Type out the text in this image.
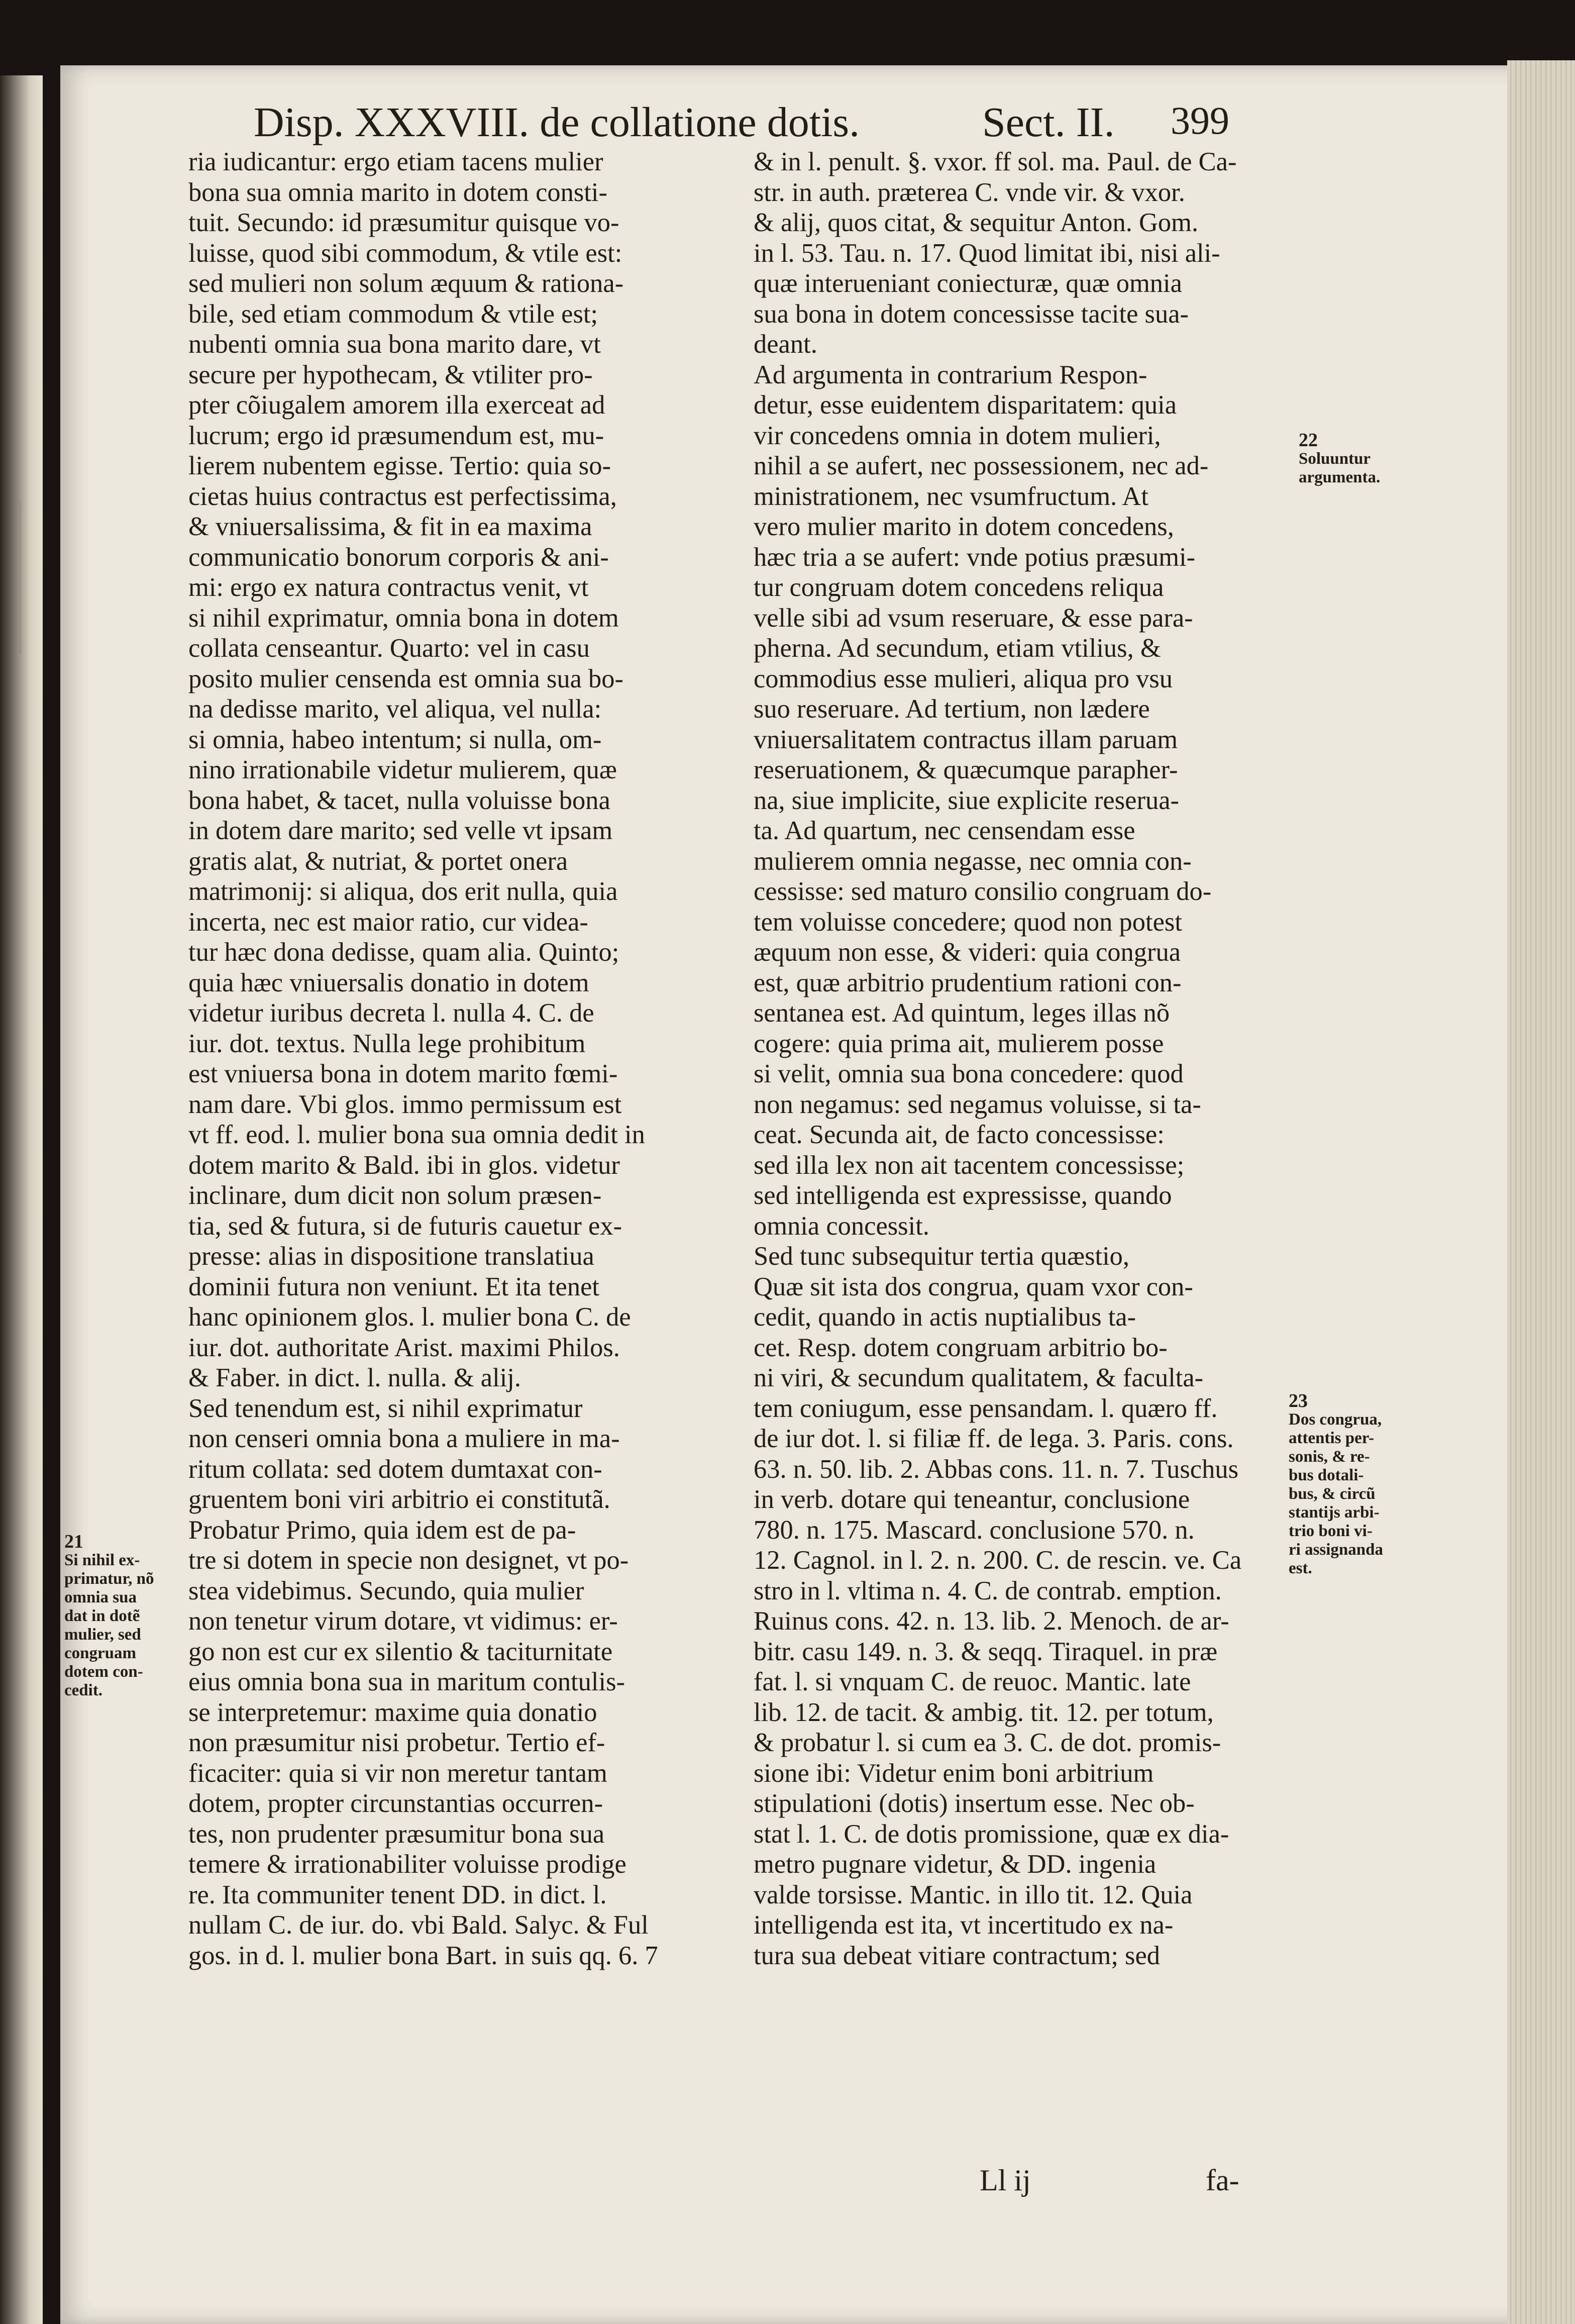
Disp. XXXVIII. de collatione dotis.	Sect. II. 399
ria iudicantur: ergo etiam tacens mulier
bona sua omnia marito in dotem consti-
tuit. Secundo: id præsumitur quisque vo-
luisse, quod sibi commodum, & vtile est:
sed mulieri non solum æquum & rationa-
bile, sed etiam commodum & vtile est;
nubenti omnia sua bona marito dare, vt
secure per hypothecam, & vtiliter pro-
pter cõiugalem amorem illa exerceat ad
lucrum; ergo id præsumendum est, mu-
lierem nubentem egisse. Tertio: quia so-
cietas huius contractus est perfectissima,
& vniuersalissima, & fit in ea maxima
communicatio bonorum corporis & ani-
mi: ergo ex natura contractus venit, vt
si nihil exprimatur, omnia bona in dotem
collata censeantur. Quarto: vel in casu
posito mulier censenda est omnia sua bo-
na dedisse marito, vel aliqua, vel nulla:
si omnia, habeo intentum; si nulla, om-
nino irrationabile videtur mulierem, quæ
bona habet, & tacet, nulla voluisse bona
in dotem dare marito; sed velle vt ipsam
gratis alat, & nutriat, & portet onera
matrimonij: si aliqua, dos erit nulla, quia
incerta, nec est maior ratio, cur videa-
tur hæc dona dedisse, quam alia. Quinto;
quia hæc vniuersalis donatio in dotem
videtur iuribus decreta l. nulla 4. C. de
iur. dot. textus. Nulla lege prohibitum
est vniuersa bona in dotem marito fœmi-
nam dare. Vbi glos. immo permissum est
vt ff. eod. l. mulier bona sua omnia dedit in
dotem marito & Bald. ibi in glos. videtur
inclinare, dum dicit non solum præsen-
tia, sed & futura, si de futuris cauetur ex-
presse: alias in dispositione translatiua
dominii futura non veniunt. Et ita tenet
hanc opinionem glos. l. mulier bona C. de
iur. dot. authoritate Arist. maximi Philos.
& Faber. in dict. l. nulla. & alij.
Sed tenendum est, si nihil exprimatur
non censeri omnia bona a muliere in ma-
ritum collata: sed dotem dumtaxat con-
gruentem boni viri arbitrio ei constitutã.
Probatur Primo, quia idem est de pa-
tre si dotem in specie non designet, vt po-
stea videbimus. Secundo, quia mulier
non tenetur virum dotare, vt vidimus: er-
go non est cur ex silentio & taciturnitate
eius omnia bona sua in maritum contulis-
se interpretemur: maxime quia donatio
non præsumitur nisi probetur. Tertio ef-
ficaciter: quia si vir non meretur tantam
dotem, propter circunstantias occurren-
tes, non prudenter præsumitur bona sua
temere & irrationabiliter voluisse prodige
re. Ita communiter tenent DD. in dict. l.
nullam C. de iur. do. vbi Bald. Salyc. & Ful
gos. in d. l. mulier bona Bart. in suis qq. 6. 7
& in l. penult. §. vxor. ff sol. ma. Paul. de Ca-
str. in auth. præterea C. vnde vir. & vxor.
& alij, quos citat, & sequitur Anton. Gom.
in l. 53. Tau. n. 17. Quod limitat ibi, nisi ali-
quæ interueniant coniecturæ, quæ omnia
sua bona in dotem concessisse tacite sua-
deant.
Ad argumenta in contrarium Respon-
detur, esse euidentem disparitatem: quia
vir concedens omnia in dotem mulieri,
nihil a se aufert, nec possessionem, nec ad-
ministrationem, nec vsumfructum. At
vero mulier marito in dotem concedens,
hæc tria a se aufert: vnde potius præsumi-
tur congruam dotem concedens reliqua
velle sibi ad vsum reseruare, & esse para-
pherna. Ad secundum, etiam vtilius, &
commodius esse mulieri, aliqua pro vsu
suo reseruare. Ad tertium, non lædere
vniuersalitatem contractus illam paruam
reseruationem, & quæcumque parapher-
na, siue implicite, siue explicite reserua-
ta. Ad quartum, nec censendam esse
mulierem omnia negasse, nec omnia con-
cessisse: sed maturo consilio congruam do-
tem voluisse concedere; quod non potest
æquum non esse, & videri: quia congrua
est, quæ arbitrio prudentium rationi con-
sentanea est. Ad quintum, leges illas nõ
cogere: quia prima ait, mulierem posse
si velit, omnia sua bona concedere: quod
non negamus: sed negamus voluisse, si ta-
ceat. Secunda ait, de facto concessisse:
sed illa lex non ait tacentem concessisse;
sed intelligenda est expressisse, quando
omnia concessit.
Sed tunc subsequitur tertia quæstio,
Quæ sit ista dos congrua, quam vxor con-
cedit, quando in actis nuptialibus ta-
cet. Resp. dotem congruam arbitrio bo-
ni viri, & secundum qualitatem, & faculta-
tem coniugum, esse pensandam. l. quæro ff.
de iur dot. l. si filiæ ff. de lega. 3. Paris. cons.
63. n. 50. lib. 2. Abbas cons. 11. n. 7. Tuschus
in verb. dotare qui teneantur, conclusione
780. n. 175. Mascard. conclusione 570. n.
12. Cagnol. in l. 2. n. 200. C. de rescin. ve. Ca
stro in l. vltima n. 4. C. de contrab. emption.
Ruinus cons. 42. n. 13. lib. 2. Menoch. de ar-
bitr. casu 149. n. 3. & seqq. Tiraquel. in præ
fat. l. si vnquam C. de reuoc. Mantic. late
lib. 12. de tacit. & ambig. tit. 12. per totum,
& probatur l. si cum ea 3. C. de dot. promis-
sione ibi: Videtur enim boni arbitrium
stipulationi (dotis) insertum esse. Nec ob-
stat l. 1. C. de dotis promissione, quæ ex dia-
metro pugnare videtur, & DD. ingenia
valde torsisse. Mantic. in illo tit. 12. Quia
intelligenda est ita, vt incertitudo ex na-
tura sua debeat vitiare contractum; sed
21
Si nihil ex-
primatur, nõ
omnia sua
dat in dotẽ
mulier, sed
congruam
dotem con-
cedit.
22
Soluuntur
argumenta.
23
Dos congrua,
attentis per-
sonis, & re-
bus dotali-
bus, & circũ
stantijs arbi-
trio boni vi-
ri assignanda
est.
Ll ij	fa-
